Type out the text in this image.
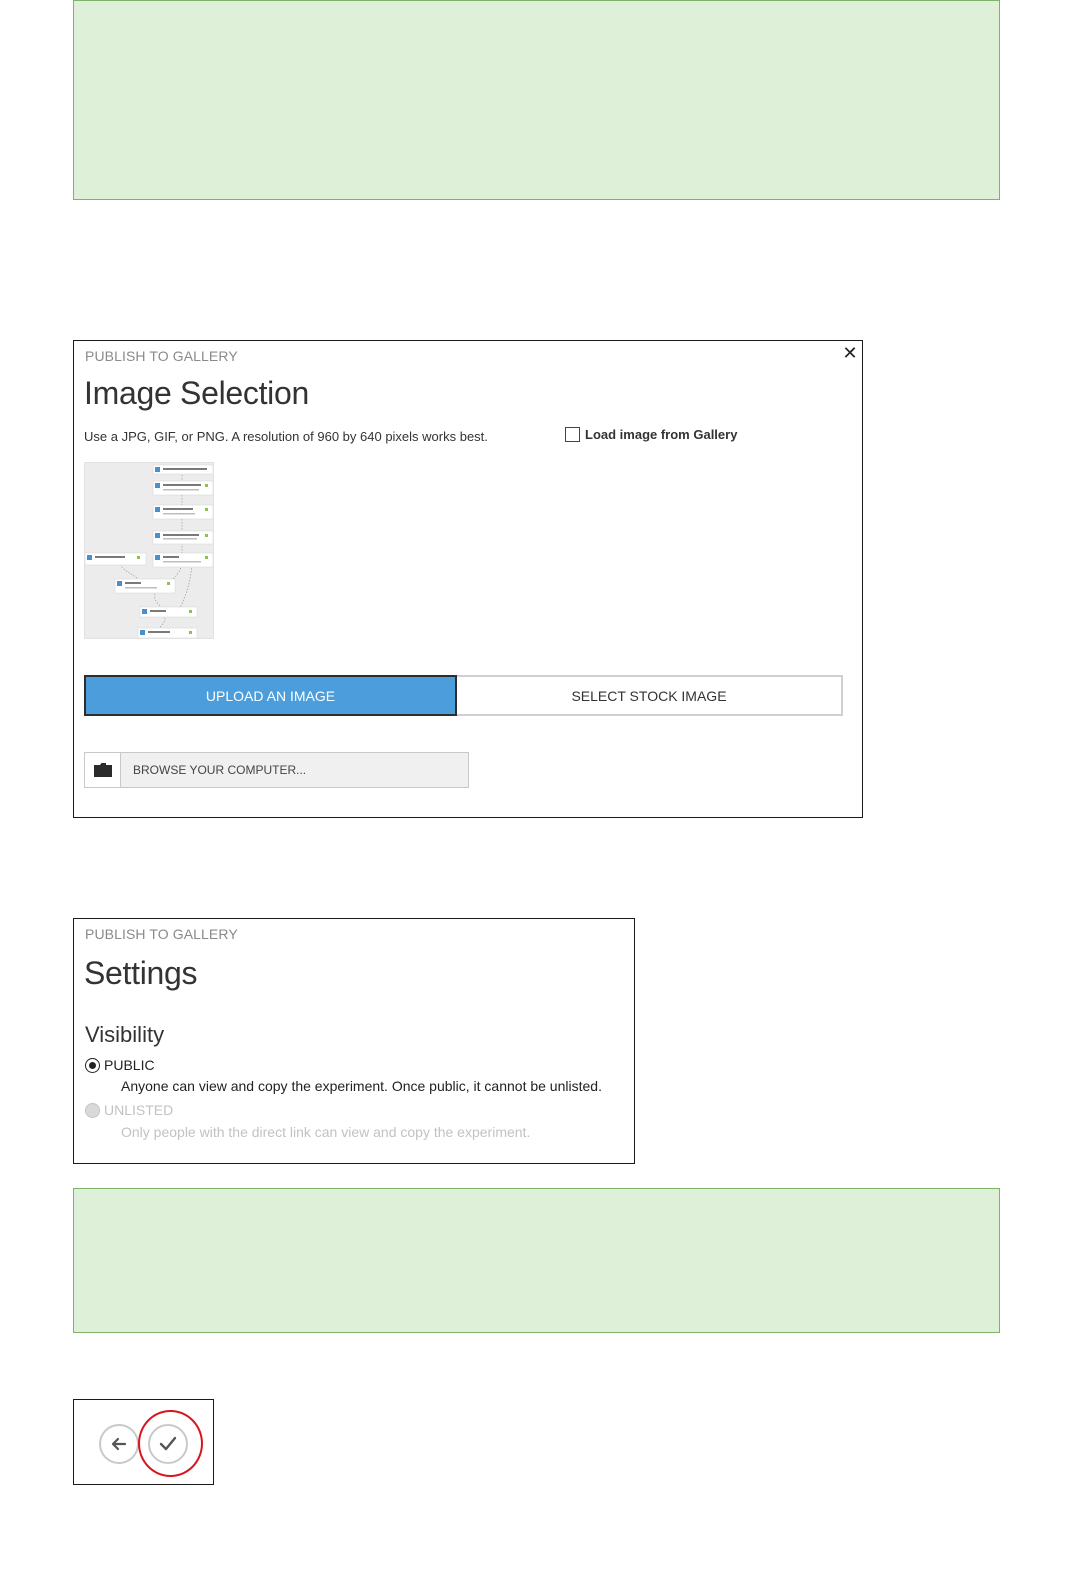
PUBLISH TO GALLERY	✕
Image Selection
Use a JPG, GIF, or PNG. A resolution of 960 by 640 pixels works best.	Load image from Gallery
UPLOAD AN IMAGE	SELECT STOCK IMAGE
BROWSE YOUR COMPUTER...
PUBLISH TO GALLERY
Settings
Visibility
PUBLIC
Anyone can view and copy the experiment. Once public, it cannot be unlisted.
UNLISTED
Only people with the direct link can view and copy the experiment.
